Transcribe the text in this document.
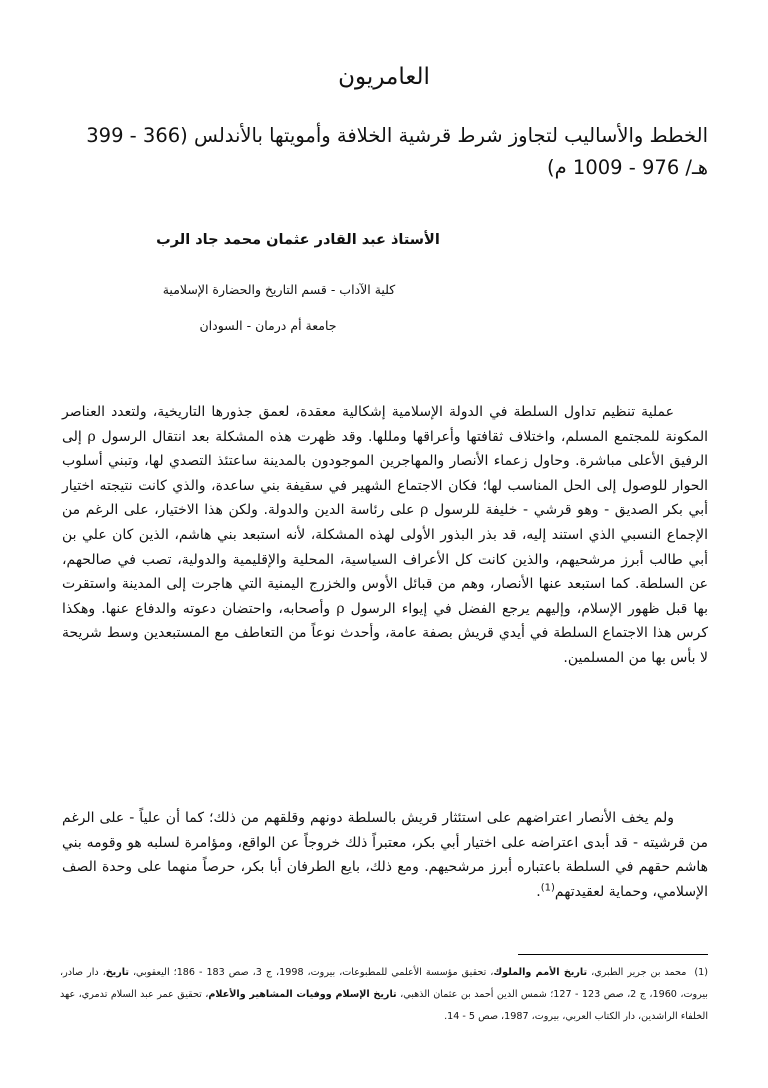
العامريون
الخطط والأساليب لتجاوز شرط قرشية الخلافة وأمويتها بالأندلس (366 - 399 هـ/ 976 - 1009 م)

الأستاذ عبد القادر عثمان محمد جاد الرب

كلية الآداب - قسم التاريخ والحضارة الإسلامية

جامعة أم درمان - السودان

عملية تنظيم تداول السلطة في الدولة الإسلامية إشكالية معقدة، لعمق جذورها التاريخية، ولتعدد العناصر المكونة للمجتمع المسلم، واختلاف ثقافتها وأعراقها ومللها. وقد ظهرت هذه المشكلة بعد انتقال الرسول ρ إلى الرفيق الأعلى مباشرة. وحاول زعماء الأنصار والمهاجرين الموجودون بالمدينة ساعتئذ التصدي لها، وتبني أسلوب الحوار للوصول إلى الحل المناسب لها؛ فكان الاجتماع الشهير في سقيفة بني ساعدة، والذي كانت نتيجته اختيار أبي بكر الصديق - وهو قرشي - خليفة للرسول ρ على رئاسة الدين والدولة. ولكن هذا الاختيار، على الرغم من الإجماع النسبي الذي استند إليه، قد بذر البذور الأولى لهذه المشكلة، لأنه استبعد بني هاشم، الذين كان علي بن أبي طالب أبرز مرشحيهم، والذين كانت كل الأعراف السياسية، المحلية والإقليمية والدولية، تصب في صالحهم، عن السلطة. كما استبعد عنها الأنصار، وهم من قبائل الأوس والخزرج اليمنية التي هاجرت إلى المدينة واستقرت بها قبل ظهور الإسلام، وإليهم يرجع الفضل في إيواء الرسول ρ وأصحابه، واحتضان دعوته والدفاع عنها. وهكذا كرس هذا الاجتماع السلطة في أيدي قريش بصفة عامة، وأحدث نوعاً من التعاطف مع المستبعدين وسط شريحة لا بأس بها من المسلمين.

ولم يخف الأنصار اعتراضهم على استئثار قريش بالسلطة دونهم وقلقهم من ذلك؛ كما أن علياً - على الرغم من قرشيته - قد أبدى اعتراضه على اختيار أبي بكر، معتبراً ذلك خروجاً عن الواقع، ومؤامرة لسلبه هو وقومه بني هاشم حقهم في السلطة باعتباره أبرز مرشحيهم. ومع ذلك، بايع الطرفان أبا بكر، حرصاً منهما على وحدة الصف الإسلامي، وحماية لعقيدتهم$^{(1)}$.

(1)محمد بن جرير الطبري، تاريخ الأمم والملوك، تحقيق مؤسسة الأعلمي للمطبوعات، بيروت، 1998، ج 3، صص 183 - 186؛ اليعقوبي، تاريخ، دار صادر، بيروت، 1960، ج 2، صص 123 - 127؛ شمس الدين أحمد بن عثمان الذهبي، تاريخ الإسلام ووفيات المشاهير والأعلام، تحقيق عمر عبد السلام تدمري، عهد الخلفاء الراشدين، دار الكتاب العربي، بيروت، 1987، صص 5 - 14.
